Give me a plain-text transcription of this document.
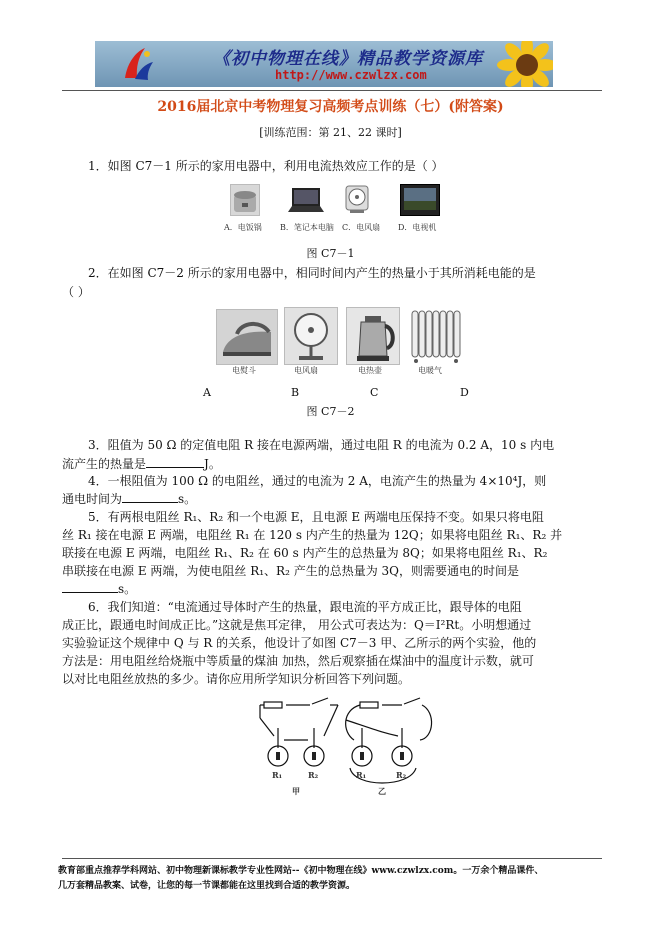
《初中物理在线》精品教学资源库
http://www.czwlzx.com
2016届北京中考物理复习高频考点训练（七）(附答案)
[训练范围：第 21、22 课时]
1．如图 C7－1 所示的家用电器中，利用电流热效应工作的是（ ）
A．电饭锅 B．笔记本电脑 C．电风扇 D．电视机
图 C7－1
2．在如图 C7－2 所示的家用电器中，相同时间内产生的热量小于其所消耗电能的是
（ ）
电熨斗	电风扇	电热壶	电暖气
A	B	C	D
图 C7－2
3．阻值为 50 Ω 的定值电阻 R 接在电源两端，通过电阻 R 的电流为 0.2 A，10 s 内电
流产生的热量是	J。
4．一根阻值为 100 Ω 的电阻丝，通过的电流为 2 A，电流产生的热量为 4×10⁴J，则
通电时间为	s。
5．有两根电阻丝 R₁、R₂ 和一个电源 E，且电源 E 两端电压保持不变。如果只将电阻
丝 R₁ 接在电源 E 两端，电阻丝 R₁ 在 120 s 内产生的热量为 12Q；如果将电阻丝 R₁、R₂ 并
联接在电源 E 两端，电阻丝 R₁、R₂ 在 60 s 内产生的总热量为 8Q；如果将电阻丝 R₁、R₂
串联接在电源 E 两端，为使电阻丝 R₁、R₂ 产生的总热量为 3Q，则需要通电的时间是
s。
6．我们知道：“电流通过导体时产生的热量，跟电流的平方成正比，跟导体的电阻
成正比，跟通电时间成正比。”这就是焦耳定律， 用公式可表达为：Q＝I²Rt。小明想通过
实验验证这个规律中 Q 与 R 的关系，他设计了如图 C7－3 甲、乙所示的两个实验，他的
方法是：用电阻丝给烧瓶中等质量的煤油 加热，然后观察插在煤油中的温度计示数，就可
以对比电阻丝放热的多少。请你应用所学知识分析回答下列问题。
R₁	R₂	R₁	R₂
甲	乙
教育部重点推荐学科网站、初中物理新课标教学专业性网站--《初中物理在线》www.czwlzx.com。一万余个精品课件、
几万套精品教案、试卷，让您的每一节课都能在这里找到合适的教学资源。
